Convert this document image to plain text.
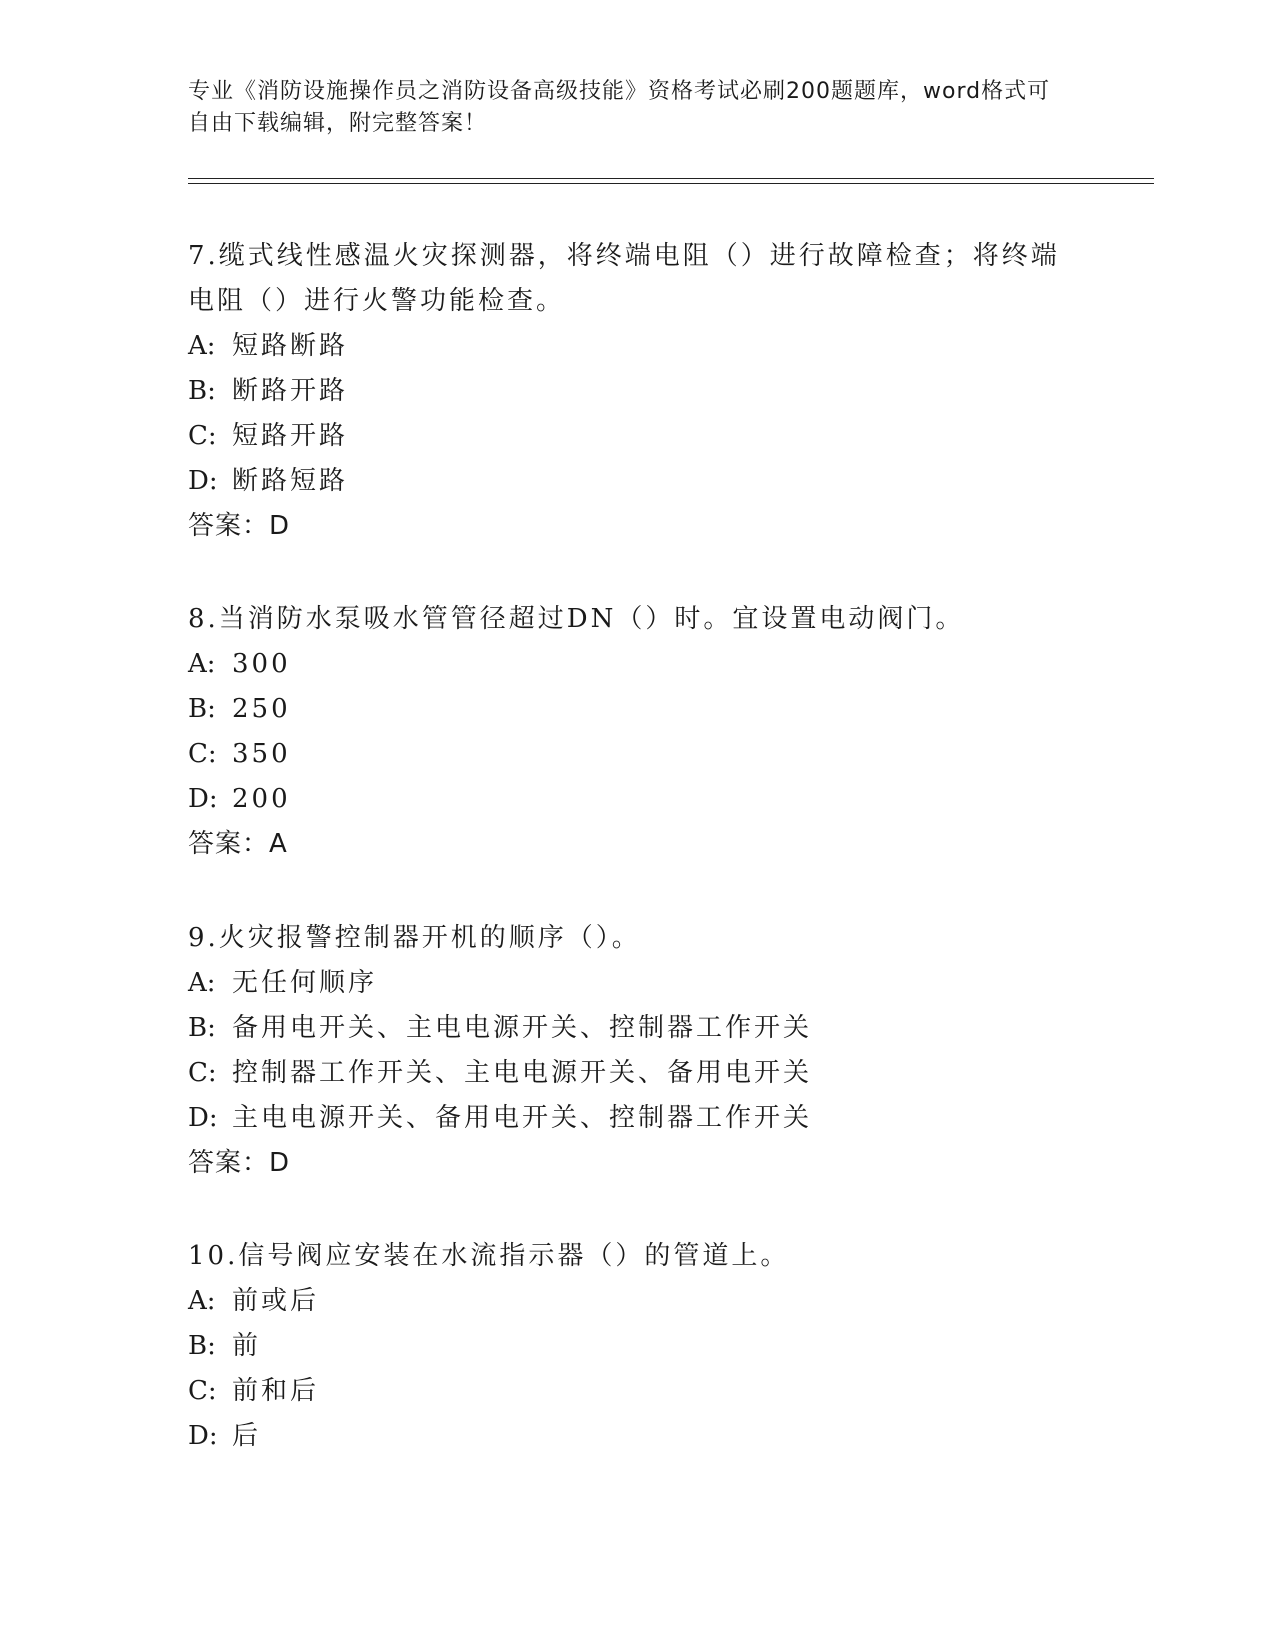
专业《消防设施操作员之消防设备高级技能》资格考试必刷200题题库，word格式可自由下载编辑，附完整答案！

7.缆式线性感温火灾探测器，将终端电阻（）进行故障检查；将终端电阻（）进行火警功能检查。

A: 短路断路

B: 断路开路

C: 短路开路

D: 断路短路

答案：D

8.当消防水泵吸水管管径超过DN（）时。宜设置电动阀门。

A: 300

B: 250

C: 350

D: 200

答案：A

9.火灾报警控制器开机的顺序（）。

A: 无任何顺序

B: 备用电开关、主电电源开关、控制器工作开关

C: 控制器工作开关、主电电源开关、备用电开关

D: 主电电源开关、备用电开关、控制器工作开关

答案：D

10.信号阀应安装在水流指示器（）的管道上。

A: 前或后

B: 前

C: 前和后

D: 后
